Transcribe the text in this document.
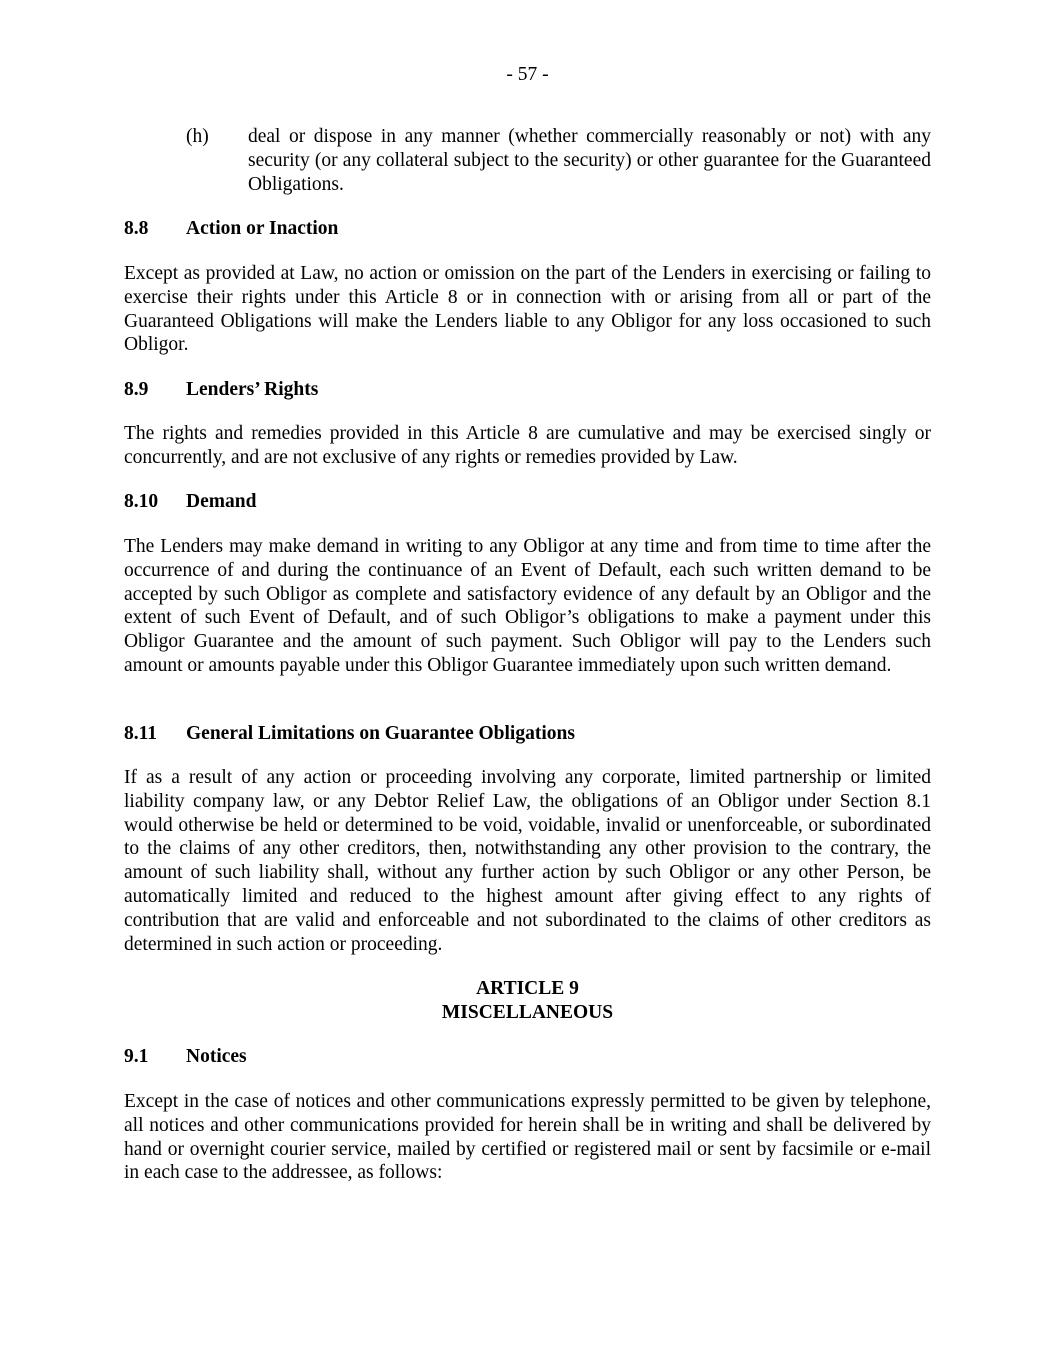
- 57 -
(h) deal or dispose in any manner (whether commercially reasonably or not) with any security (or any collateral subject to the security) or other guarantee for the Guaranteed Obligations.
8.8 Action or Inaction

Except as provided at Law, no action or omission on the part of the Lenders in exercising or failing to exercise their rights under this Article 8 or in connection with or arising from all or part of the Guaranteed Obligations will make the Lenders liable to any Obligor for any loss occasioned to such Obligor.

8.9 Lenders’ Rights

The rights and remedies provided in this Article 8 are cumulative and may be exercised singly or concurrently, and are not exclusive of any rights or remedies provided by Law.

8.10 Demand

The Lenders may make demand in writing to any Obligor at any time and from time to time after the occurrence of and during the continuance of an Event of Default, each such written demand to be accepted by such Obligor as complete and satisfactory evidence of any default by an Obligor and the extent of such Event of Default, and of such Obligor’s obligations to make a payment under this Obligor Guarantee and the amount of such payment. Such Obligor will pay to the Lenders such amount or amounts payable under this Obligor Guarantee immediately upon such written demand.

8.11 General Limitations on Guarantee Obligations

If as a result of any action or proceeding involving any corporate, limited partnership or limited liability company law, or any Debtor Relief Law, the obligations of an Obligor under Section 8.1 would otherwise be held or determined to be void, voidable, invalid or unenforceable, or subordinated to the claims of any other creditors, then, notwithstanding any other provision to the contrary, the amount of such liability shall, without any further action by such Obligor or any other Person, be automatically limited and reduced to the highest amount after giving effect to any rights of contribution that are valid and enforceable and not subordinated to the claims of other creditors as determined in such action or proceeding.

ARTICLE 9
MISCELLANEOUS
9.1 Notices

Except in the case of notices and other communications expressly permitted to be given by telephone, all notices and other communications provided for herein shall be in writing and shall be delivered by hand or overnight courier service, mailed by certified or registered mail or sent by facsimile or e-mail in each case to the addressee, as follows:
